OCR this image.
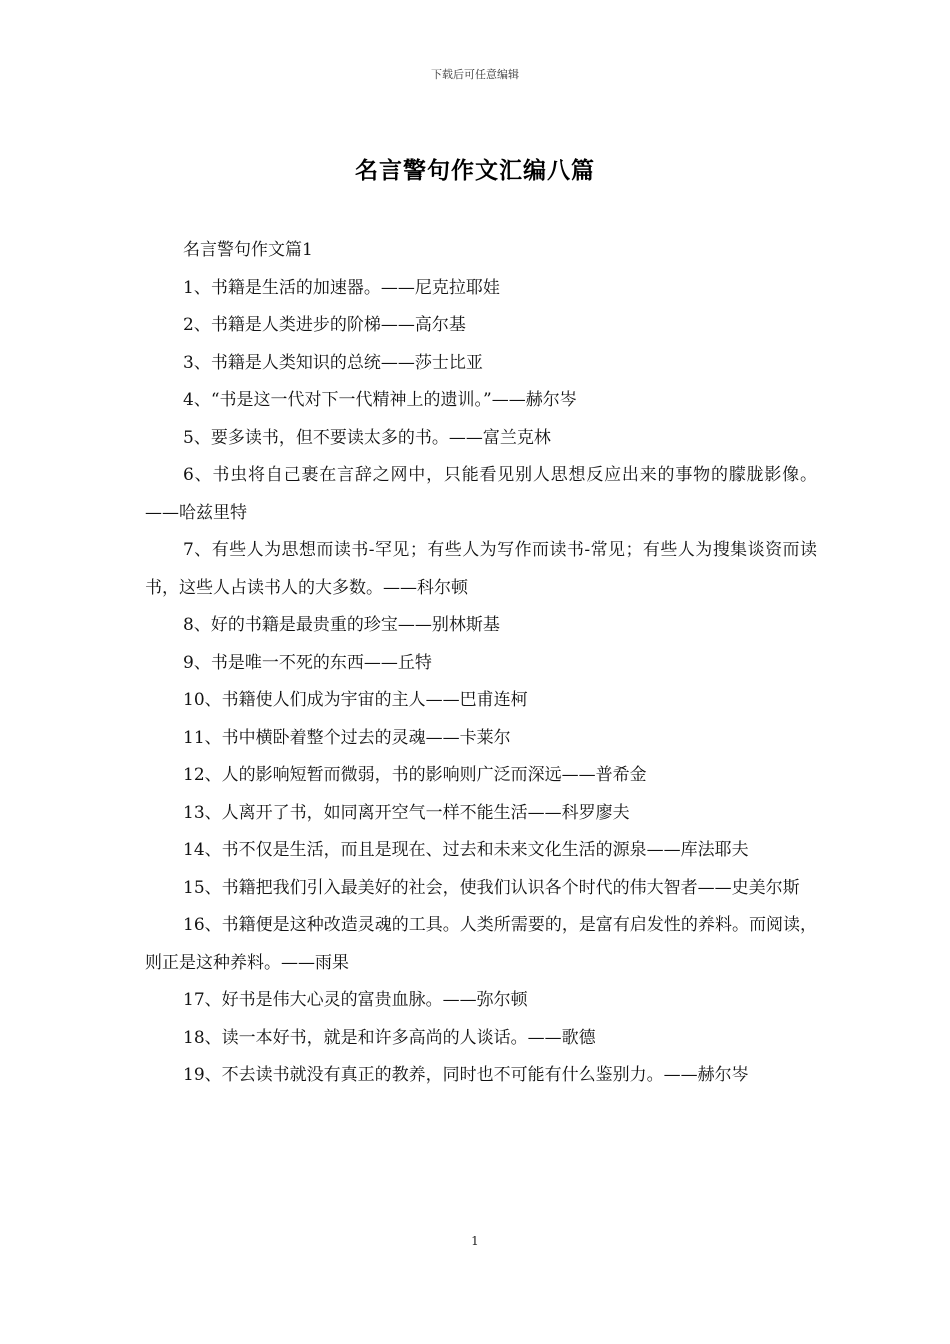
下载后可任意编辑
名言警句作文汇编八篇

名言警句作文篇1

1、书籍是生活的加速器。——尼克拉耶娃

2、书籍是人类进步的阶梯——高尔基

3、书籍是人类知识的总统——莎士比亚

4、“书是这一代对下一代精神上的遗训。”——赫尔岑

5、要多读书，但不要读太多的书。——富兰克林

6、书虫将自己裹在言辞之网中，只能看见别人思想反应出来的事物的朦胧影像。——哈兹里特

7、有些人为思想而读书-罕见；有些人为写作而读书-常见；有些人为搜集谈资而读书，这些人占读书人的大多数。——科尔顿

8、好的书籍是最贵重的珍宝——别林斯基

9、书是唯一不死的东西——丘特

10、书籍使人们成为宇宙的主人——巴甫连柯

11、书中横卧着整个过去的灵魂——卡莱尔

12、人的影响短暂而微弱，书的影响则广泛而深远——普希金

13、人离开了书，如同离开空气一样不能生活——科罗廖夫

14、书不仅是生活，而且是现在、过去和未来文化生活的源泉——库法耶夫

15、书籍把我们引入最美好的社会，使我们认识各个时代的伟大智者——史美尔斯

16、书籍便是这种改造灵魂的工具。人类所需要的，是富有启发性的养料。而阅读，则正是这种养料。——雨果

17、好书是伟大心灵的富贵血脉。——弥尔顿

18、读一本好书，就是和许多高尚的人谈话。——歌德

19、不去读书就没有真正的教养，同时也不可能有什么鉴别力。——赫尔岑

1
